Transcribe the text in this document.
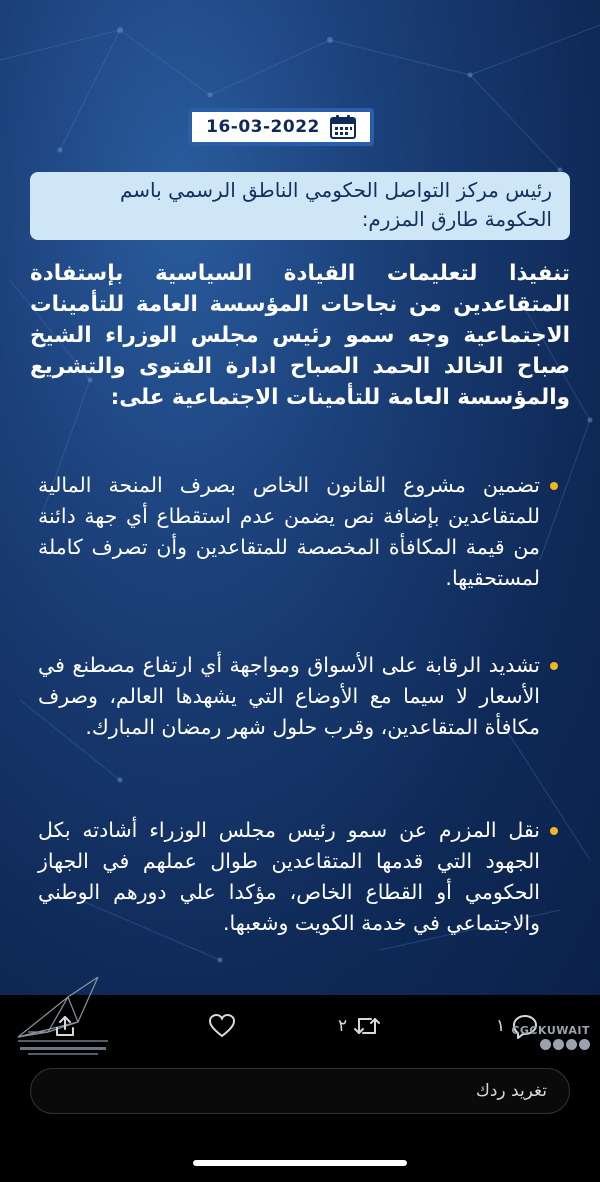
16-03-2022
رئيس مركز التواصل الحكومي الناطق الرسمي باسم الحكومة طارق المزرم:
تنفيذا لتعليمات القيادة السياسية بإستفادة المتقاعدين من نجاحات المؤسسة العامة للتأمينات الاجتماعية وجه سمو رئيس مجلس الوزراء الشيخ صباح الخالد الحمد الصباح ادارة الفتوى والتشريع والمؤسسة العامة للتأمينات الاجتماعية على:
تضمين مشروع القانون الخاص بصرف المنحة المالية للمتقاعدين بإضافة نص يضمن عدم استقطاع أي جهة دائنة من قيمة المكافأة المخصصة للمتقاعدين وأن تصرف كاملة لمستحقيها.
تشديد الرقابة على الأسواق ومواجهة أي ارتفاع مصطنع في الأسعار لا سيما مع الأوضاع التي يشهدها العالم، وصرف مكافأة المتقاعدين، وقرب حلول شهر رمضان المبارك.
نقل المزرم عن سمو رئيس مجلس الوزراء أشادته بكل الجهود التي قدمها المتقاعدين طوال عملهم في الجهاز الحكومي أو القطاع الخاص، مؤكدا علي دورهم الوطني والاجتماعي في خدمة الكويت وشعبها.
٢	١ CGCKUWAIT
تغريد ردك
